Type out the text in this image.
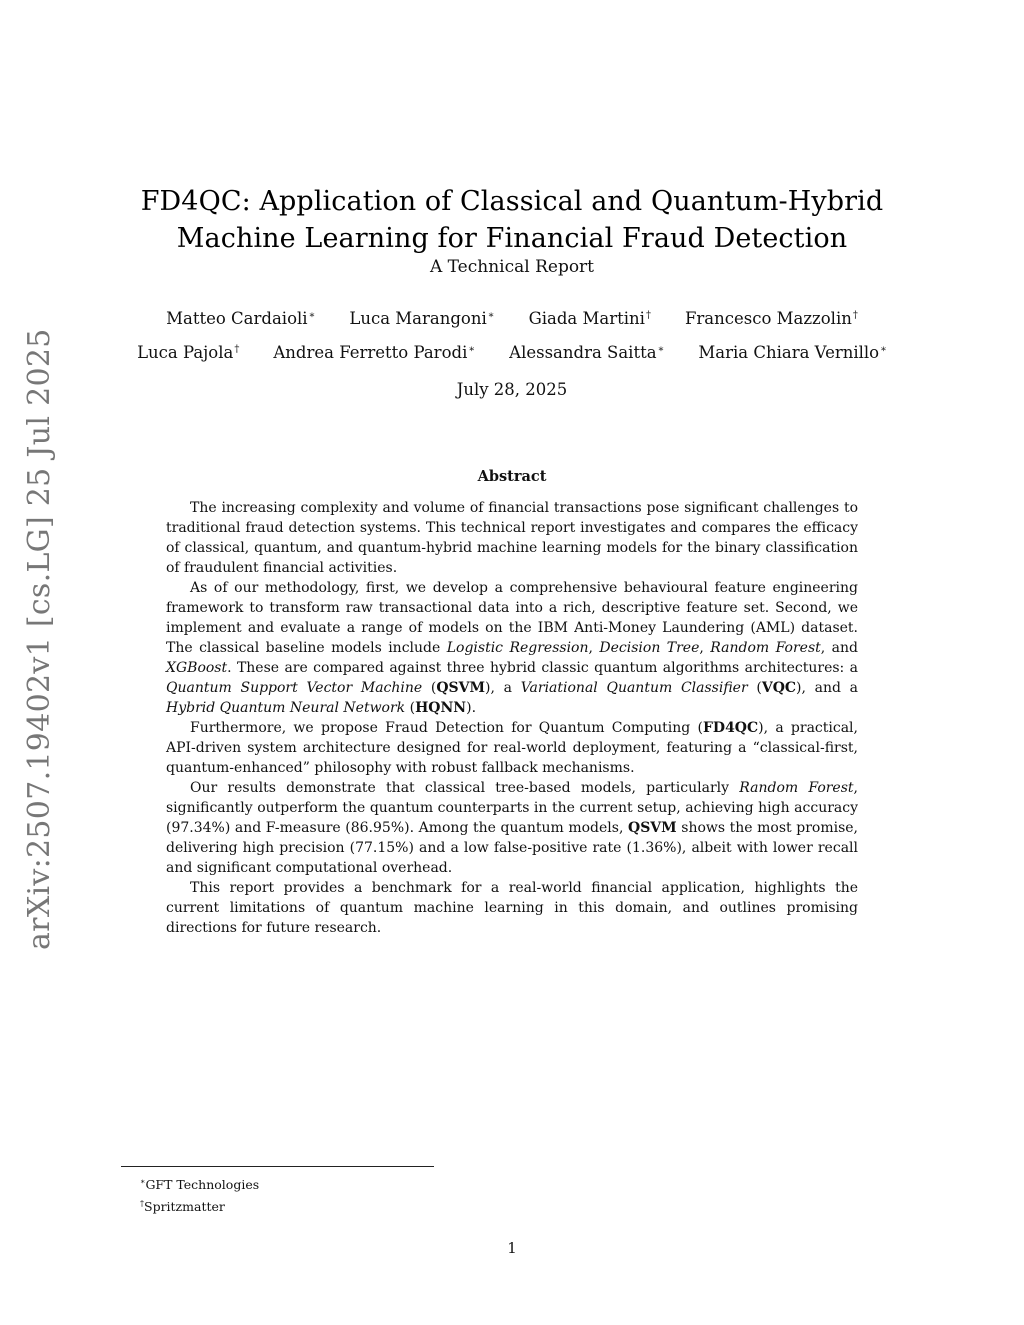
arXiv:2507.19402v1 [cs.LG] 25 Jul 2025
FD4QC: Application of Classical and Quantum-Hybrid
Machine Learning for Financial Fraud Detection
A Technical Report
Matteo Cardaioli∗ Luca Marangoni∗ Giada Martini† Francesco Mazzolin†
Luca Pajola† Andrea Ferretto Parodi∗ Alessandra Saitta∗ Maria Chiara Vernillo∗
July 28, 2025
Abstract

The increasing complexity and volume of financial transactions pose significant challenges to traditional fraud detection systems. This technical report investigates and compares the efficacy of classical, quantum, and quantum-hybrid machine learning models for the binary classification of fraudulent financial activities.

As of our methodology, first, we develop a comprehensive behavioural feature engineering framework to transform raw transactional data into a rich, descriptive feature set. Second, we implement and evaluate a range of models on the IBM Anti-Money Laundering (AML) dataset. The classical baseline models include Logistic Regression, Decision Tree, Random Forest, and XGBoost. These are compared against three hybrid classic quantum algorithms architectures: a Quantum Support Vector Machine (QSVM), a Variational Quantum Classifier (VQC), and a Hybrid Quantum Neural Network (HQNN).

Furthermore, we propose Fraud Detection for Quantum Computing (FD4QC), a practical, API-driven system architecture designed for real-world deployment, featuring a “classical-first, quantum-enhanced” philosophy with robust fallback mechanisms.

Our results demonstrate that classical tree-based models, particularly Random Forest, significantly outperform the quantum counterparts in the current setup, achieving high accuracy (97.34%) and F-measure (86.95%). Among the quantum models, QSVM shows the most promise, delivering high precision (77.15%) and a low false-positive rate (1.36%), albeit with lower recall and significant computational overhead.

This report provides a benchmark for a real-world financial application, highlights the current limitations of quantum machine learning in this domain, and outlines promising directions for future research.

∗GFT Technologies
†Spritzmatter
1
